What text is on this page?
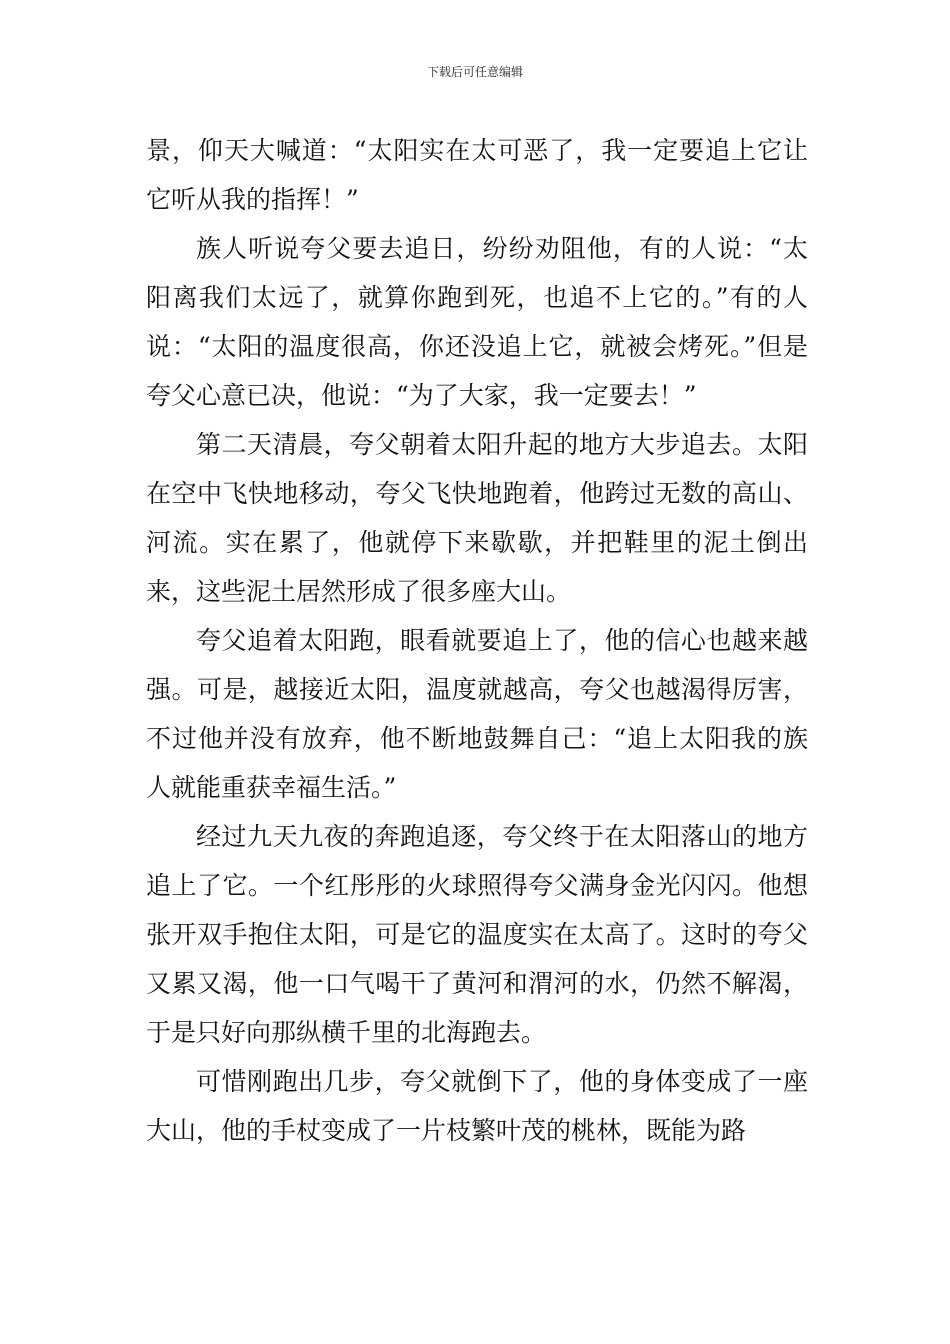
下载后可任意编辑

景，仰天大喊道：“太阳实在太可恶了，我一定要追上它让它听从我的指挥！”

族人听说夸父要去追日，纷纷劝阻他，有的人说：“太阳离我们太远了，就算你跑到死，也追不上它的。”有的人说：“太阳的温度很高，你还没追上它，就被会烤死。”但是夸父心意已决，他说：“为了大家，我一定要去！”

第二天清晨，夸父朝着太阳升起的地方大步追去。太阳在空中飞快地移动，夸父飞快地跑着，他跨过无数的高山、河流。实在累了，他就停下来歇歇，并把鞋里的泥土倒出来，这些泥土居然形成了很多座大山。

夸父追着太阳跑，眼看就要追上了，他的信心也越来越强。可是，越接近太阳，温度就越高，夸父也越渴得厉害，不过他并没有放弃，他不断地鼓舞自己：“追上太阳我的族人就能重获幸福生活。”

经过九天九夜的奔跑追逐，夸父终于在太阳落山的地方追上了它。一个红彤彤的火球照得夸父满身金光闪闪。他想张开双手抱住太阳，可是它的温度实在太高了。这时的夸父又累又渴，他一口气喝干了黄河和渭河的水，仍然不解渴，于是只好向那纵横千里的北海跑去。

可惜刚跑出几步，夸父就倒下了，他的身体变成了一座大山，他的手杖变成了一片枝繁叶茂的桃林，既能为路
